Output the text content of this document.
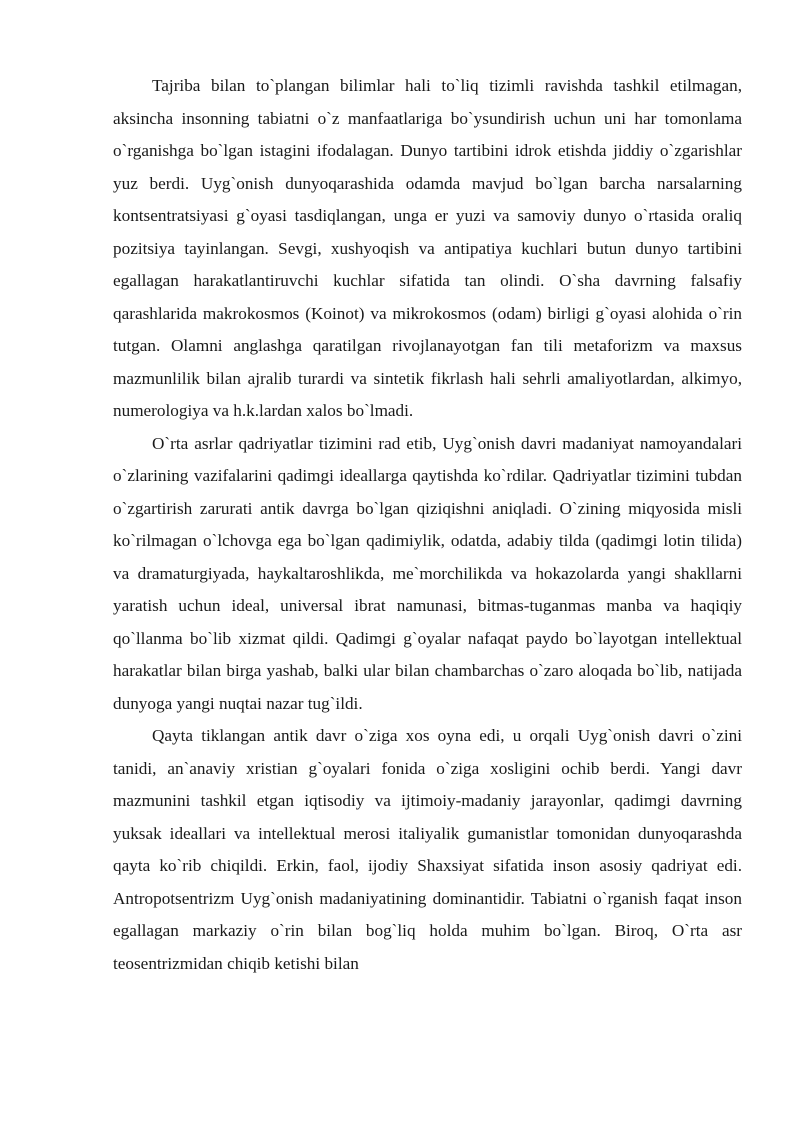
Tajriba bilan to`plangan bilimlar hali to`liq tizimli ravishda tashkil etilmagan, aksincha insonning tabiatni o`z manfaatlariga bo`ysundirish uchun uni har tomonlama o`rganishga bo`lgan istagini ifodalagan. Dunyo tartibini idrok etishda jiddiy o`zgarishlar yuz berdi. Uyg`onish dunyoqarashida odamda mavjud bo`lgan barcha narsalarning kontsentratsiyasi g`oyasi tasdiqlangan, unga er yuzi va samoviy dunyo o`rtasida oraliq pozitsiya tayinlangan. Sevgi, xushyoqish va antipatiya kuchlari butun dunyo tartibini egallagan harakatlantiruvchi kuchlar sifatida tan olindi. O`sha davrning falsafiy qarashlarida makrokosmos (Koinot) va mikrokosmos (odam) birligi g`oyasi alohida o`rin tutgan. Olamni anglashga qaratilgan rivojlanayotgan fan tili metaforizm va maxsus mazmunlilik bilan ajralib turardi va sintetik fikrlash hali sehrli amaliyotlardan, alkimyo, numerologiya va h.k.lardan xalos bo`lmadi.

O`rta asrlar qadriyatlar tizimini rad etib, Uyg`onish davri madaniyat namoyandalari o`zlarining vazifalarini qadimgi ideallarga qaytishda ko`rdilar. Qadriyatlar tizimini tubdan o`zgartirish zarurati antik davrga bo`lgan qiziqishni aniqladi. O`zining miqyosida misli ko`rilmagan o`lchovga ega bo`lgan qadimiylik, odatda, adabiy tilda (qadimgi lotin tilida) va dramaturgiyada, haykaltaroshlikda, me`morchilikda va hokazolarda yangi shakllarni yaratish uchun ideal, universal ibrat namunasi, bitmas-tuganmas manba va haqiqiy qo`llanma bo`lib xizmat qildi. Qadimgi g`oyalar nafaqat paydo bo`layotgan intellektual harakatlar bilan birga yashab, balki ular bilan chambarchas o`zaro aloqada bo`lib, natijada dunyoga yangi nuqtai nazar tug`ildi.

Qayta tiklangan antik davr o`ziga xos oyna edi, u orqali Uyg`onish davri o`zini tanidi, an`anaviy xristian g`oyalari fonida o`ziga xosligini ochib berdi. Yangi davr mazmunini tashkil etgan iqtisodiy va ijtimoiy-madaniy jarayonlar, qadimgi davrning yuksak ideallari va intellektual merosi italiyalik gumanistlar tomonidan dunyoqarashda qayta ko`rib chiqildi. Erkin, faol, ijodiy Shaxsiyat sifatida inson asosiy qadriyat edi. Antropotsentrizm Uyg`onish madaniyatining dominantidir. Tabiatni o`rganish faqat inson egallagan markaziy o`rin bilan bog`liq holda muhim bo`lgan. Biroq, O`rta asr teosentrizmidan chiqib ketishi bilan
